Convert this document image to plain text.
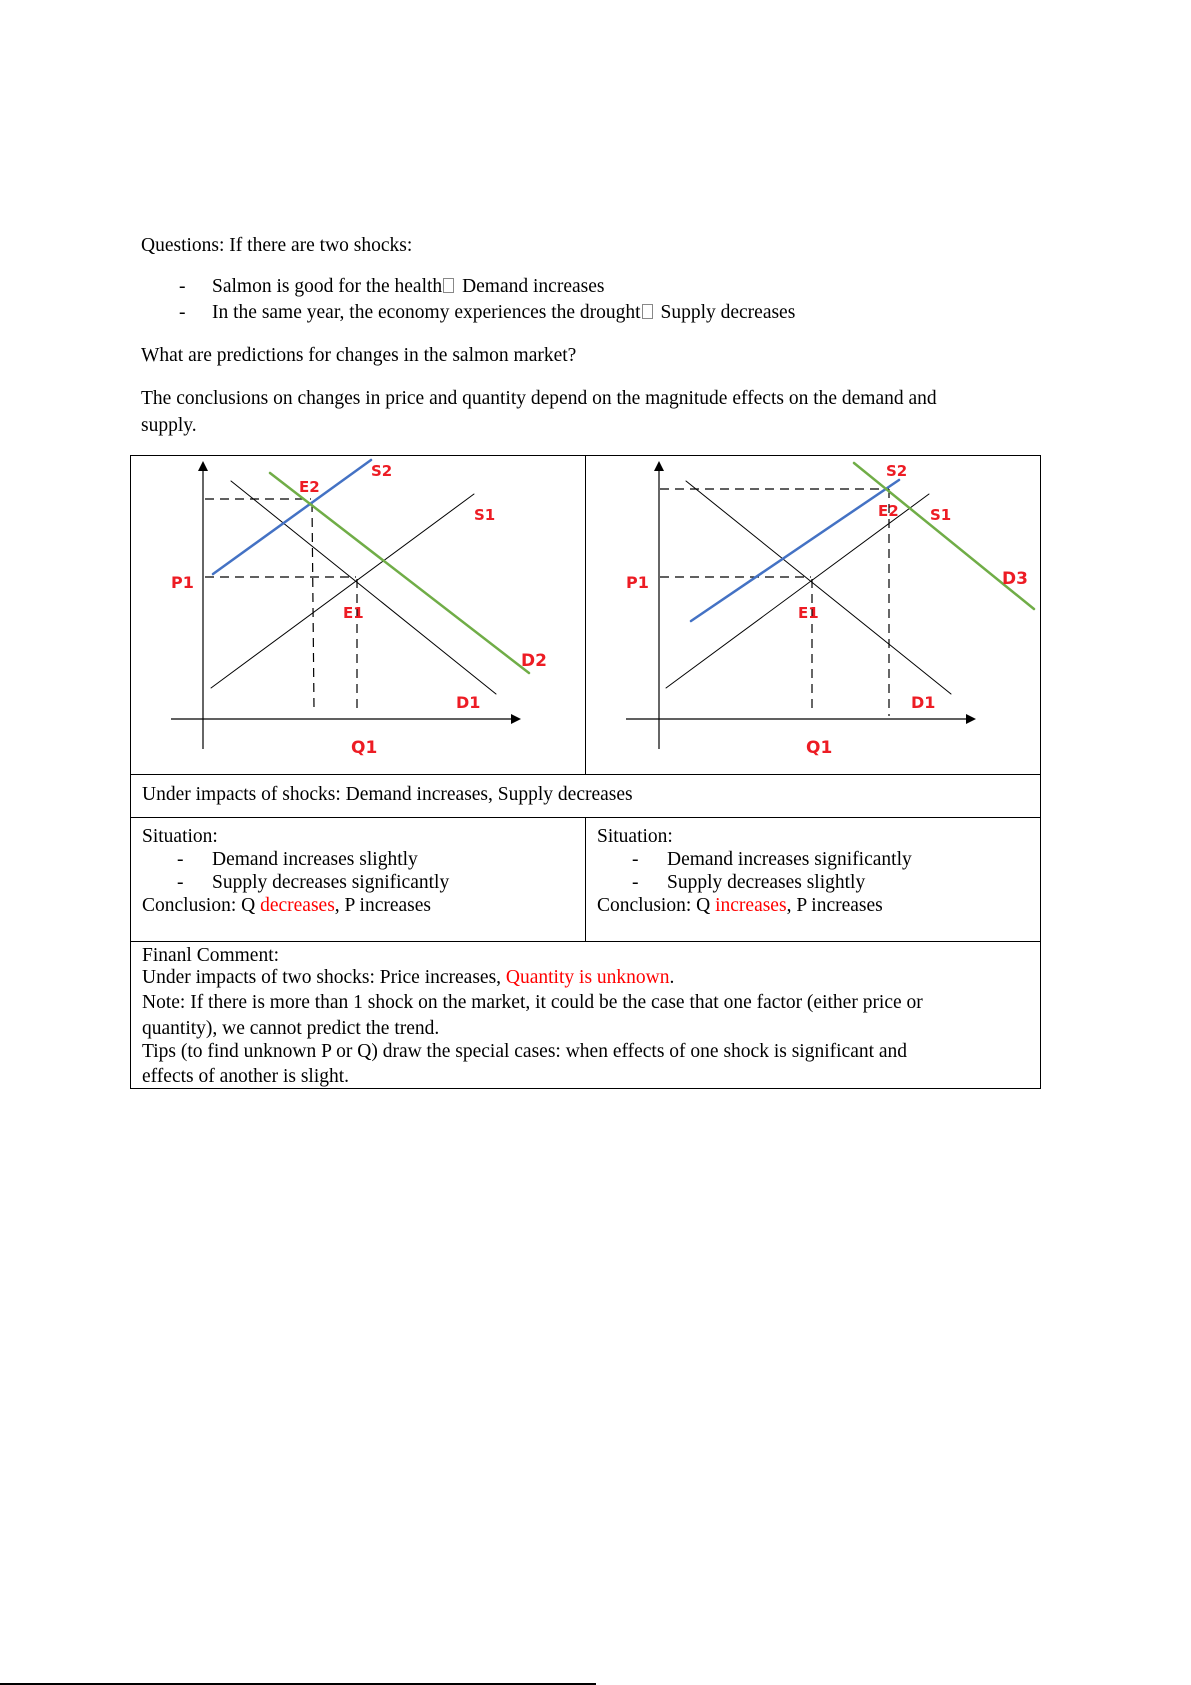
Questions: If there are two shocks:
- Salmon is good for the health Demand increases
- In the same year, the economy experiences the drought Supply decreases
What are predictions for changes in the salmon market?
The conclusions on changes in price and quantity depend on the magnitude effects on the demand and
supply.
S2
E2
S1
P1
E1
D2
D1
Q1
S2
E2 S1
P1
E1
D3
D1
Q1
Under impacts of shocks: Demand increases, Supply decreases
Situation:
- Demand increases slightly
- Supply decreases significantly
Conclusion: Q decreases, P increases
Situation:
- Demand increases significantly
- Supply decreases slightly
Conclusion: Q increases, P increases
Finanl Comment:
Under impacts of two shocks: Price increases, Quantity is unknown.
Note: If there is more than 1 shock on the market, it could be the case that one factor (either price or
quantity), we cannot predict the trend.
Tips (to find unknown P or Q) draw the special cases: when effects of one shock is significant and
effects of another is slight.
